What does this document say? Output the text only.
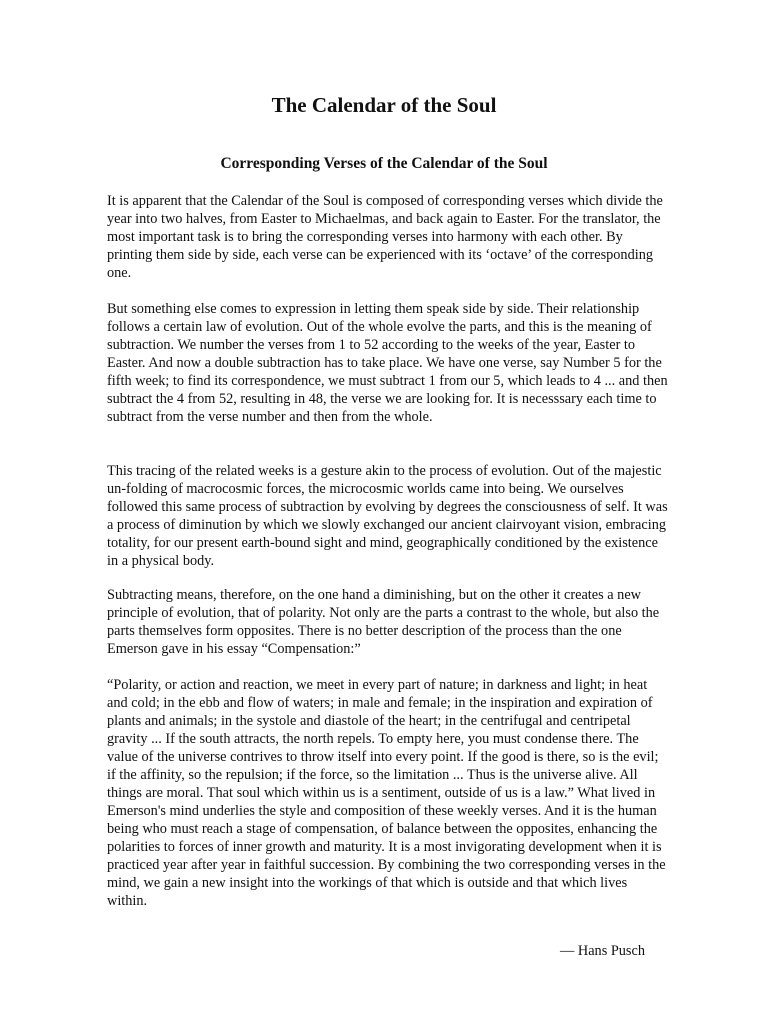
The Calendar of the Soul
Corresponding Verses of the Calendar of the Soul

It is apparent that the Calendar of the Soul is composed of corresponding verses which divide the year into two halves, from Easter to Michaelmas, and back again to Easter. For the translator, the most important task is to bring the corresponding verses into harmony with each other. By printing them side by side, each verse can be experienced with its ‘octave’ of the corresponding one.

But something else comes to expression in letting them speak side by side. Their relationship follows a certain law of evolution. Out of the whole evolve the parts, and this is the meaning of subtraction. We number the verses from 1 to 52 according to the weeks of the year, Easter to Easter. And now a double subtraction has to take place. We have one verse, say Number 5 for the fifth week; to find its correspondence, we must subtract 1 from our 5, which leads to 4 ... and then subtract the 4 from 52, resulting in 48, the verse we are looking for. It is necesssary each time to subtract from the verse number and then from the whole.

This tracing of the related weeks is a gesture akin to the process of evolution. Out of the majestic un-folding of macrocosmic forces, the microcosmic worlds came into being. We ourselves followed this same process of subtraction by evolving by degrees the consciousness of self. It was a process of diminution by which we slowly exchanged our ancient clairvoyant vision, embracing totality, for our present earth-bound sight and mind, geographically conditioned by the existence in a physical body.

Subtracting means, therefore, on the one hand a diminishing, but on the other it creates a new principle of evolution, that of polarity. Not only are the parts a contrast to the whole, but also the parts themselves form opposites. There is no better description of the process than the one Emerson gave in his essay “Compensation:”

“Polarity, or action and reaction, we meet in every part of nature; in darkness and light; in heat and cold; in the ebb and flow of waters; in male and female; in the inspiration and expiration of plants and animals; in the systole and diastole of the heart; in the centrifugal and centripetal gravity ... If the south attracts, the north repels. To empty here, you must condense there. The value of the universe contrives to throw itself into every point. If the good is there, so is the evil; if the affinity, so the repulsion; if the force, so the limitation ... Thus is the universe alive. All things are moral. That soul which within us is a sentiment, outside of us is a law.” What lived in Emerson's mind underlies the style and composition of these weekly verses. And it is the human being who must reach a stage of compensation, of balance between the opposites, enhancing the polarities to forces of inner growth and maturity. It is a most invigorating development when it is practiced year after year in faithful succession. By combining the two corresponding verses in the mind, we gain a new insight into the workings of that which is outside and that which lives within.

— Hans Pusch
